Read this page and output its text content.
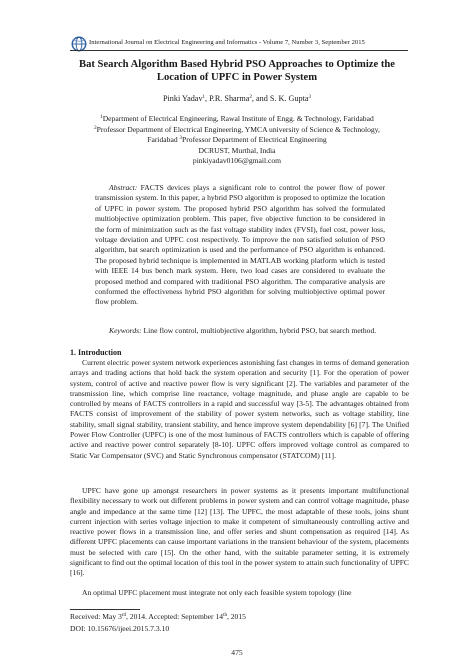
International Journal on Electrical Engineering and Informatics - Volume 7, Number 3, September 2015
Bat Search Algorithm Based Hybrid PSO Approaches to Optimize the Location of UPFC in Power System
Pinki Yadav$^1$, P.R. Sharma$^2$, and S. K. Gupta$^3$
$^1$Department of Electrical Engineering, Rawal Institute of Engg. & Technology, Faridabad
$^2$Professor Department of Electrical Engineering, YMCA university of Science & Technology,
Faridabad $^3$Professor Department of Electrical Engineering
DCRUST, Murthal, India
pinkiyadav0106@gmail.com
Abstract: FACTS devices plays a significant role to control the power flow of power transmission system. In this paper, a hybrid PSO algorithm is proposed to optimize the location of UPFC in power system. The proposed hybrid PSO algorithm has solved the formulated multiobjective optimization problem. This paper, five objective function to be considered in the form of minimization such as the fast voltage stability index (FVSI), fuel cost, power loss, voltage deviation and UPFC cost respectively. To improve the non satisfied solution of PSO algorithm, bat search optimization is used and the performance of PSO algorithm is enhanced. The proposed hybrid technique is implemented in MATLAB working platform which is tested with IEEE 14 bus bench mark system. Here, two load cases are considered to evaluate the proposed method and compared with traditional PSO algorithm. The comparative analysis are conformed the effectiveness hybrid PSO algorithm for solving multiobjective optimal power flow problem.
Keywords: Line flow control, multiobjective algorithm, hybrid PSO, bat search method.
1. Introduction
Current electric power system network experiences astonishing fast changes in terms of demand generation arrays and trading actions that hold back the system operation and security [1]. For the operation of power system, control of active and reactive power flow is very significant [2]. The variables and parameter of the transmission line, which comprise line reactance, voltage magnitude, and phase angle are capable to be controlled by means of FACTS controllers in a rapid and successful way [3-5]. The advantages obtained from FACTS consist of improvement of the stability of power system networks, such as voltage stability, line stability, small signal stability, transient stability, and hence improve system dependability [6] [7]. The Unified Power Flow Controller (UPFC) is one of the most luminous of FACTS controllers which is capable of offering active and reactive power control separately [8-10]. UPFC offers improved voltage control as compared to Static Var Compensator (SVC) and Static Synchronous compensator (STATCOM) [11].
UPFC have gone up amongst researchers in power systems as it presents important multifunctional flexibility necessary to work out different problems in power system and can control voltage magnitude, phase angle and impedance at the same time [12] [13]. The UPFC, the most adaptable of these tools, joins shunt current injection with series voltage injection to make it competent of simultaneously controlling active and reactive power flows in a transmission line, and offer series and shunt compensation as required [14]. As different UPFC placements can cause important variations in the transient behaviour of the system, placements must be selected with care [15]. On the other hand, with the suitable parameter setting, it is extremely significant to find out the optimal location of this tool in the power system to attain such functionality of UPFC [16].
An optimal UPFC placement must integrate not only each feasible system topology (line
Received: May 3rd, 2014. Accepted: September 14th, 2015
DOI: 10.15676/ijeei.2015.7.3.10
475
